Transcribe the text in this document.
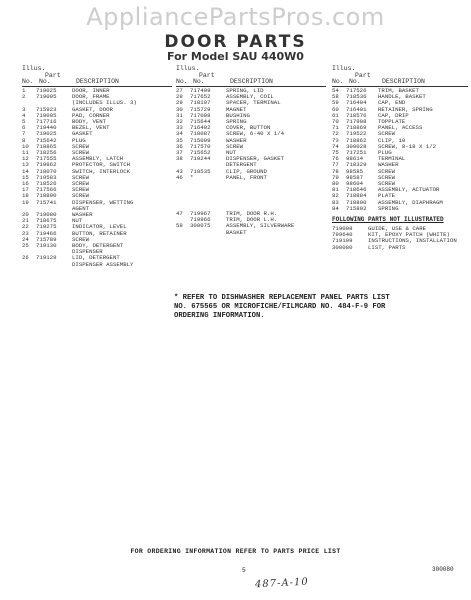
AppliancePartsPros.com
DOOR PARTS
For Model SAU 440W0
Illus.
No.
Part
No.	DESCRIPTION
1	719025	DOOR, INNER
2	719005	DOOR, FRAME
(INCLUDES ILLUS. 3)
3	715923	GASKET, DOOR
4	719005	PAD, CORNER
5	717716	BODY, VENT
6	719440	BEZEL, VENT
7	719025	GASKET
8	715642	PLUG
10	718865	SCREW
11	718256	SCREW
12	717555	ASSEMBLY, LATCH
13	719862	PROTECTOR, SWITCH
14	718070	SWITCH, INTERLOCK
15	719583	SCREW
16	718526	SCREW
17	717566	SCREW
18	718890	SCREW
19	715741	DISPENSER, WETTING
AGENT
20	719080	WASHER
21	718675	NUT
22	719275	INDICATOR, LEVEL
23	719466	BUTTON, RETAINER
24	715789	SCREW
25	719130	BODY, DETERGENT
DISPENSER
26	719129	LID, DETERGENT
DISPENSER ASSEMBLY
Illus.
No.
Part
No.	DESCRIPTION
27	717499	SPRING, LID
28	717652	ASSEMBLY, COIL
29	718197	SPACER, TERMINAL
30	715729	MAGNET
31	717008	BUSHING
32	715644	SPRING
33	716402	COVER, BUTTON
34	718087	SCREW, 6-40 X 1/4
35	715009	WASHER
36	717570	SCREW
37	715652	NUT
38	719244	DISPENSER, GASKET
DETERGENT
43	718535	CLIP, GROUND
46	*	PANEL, FRONT
47	719967	TRIM, DOOR R.H.
719966	TRIM, DOOR L.H.
58	300075	ASSEMBLY, SILVERWARE
BASKET
Illus.
No.
Part
No.	DESCRIPTION
54	717526	TRIM, BASKET
58	718536	HANDLE, BASKET
59	716404	CAP, END
60	716401	RETAINER, SPRING
61	718576	CAP, DRIP
70	717908	TOPPLATE
71	718869	PANEL, ACCESS
72	719522	SCREW
73	718862	CLIP, 10
74	300028	SCREW, 8-18 X 1/2
75	717251	PLUG
76	98614	TERMINAL
77	718329	WASHER
78	98585	SCREW
79	98587	SCREW
80	98604	SCREW
81	718646	ASSEMBLY, ACTUATOR
82	718884	PLATE
83	718890	ASSEMBLY, DIAPHRAGM
84	715892	SPRING
FOLLOWING PARTS NOT ILLUSTRATED
719008	GUIDE, USE & CARE
799640	KIT, EPOXY PATCH (WHITE)
719109	INSTRUCTIONS, INSTALLATION
300080	LIST, PARTS
* REFER TO DISHWASHER REPLACEMENT PANEL PARTS LIST NO. 675565 OR MICROFICHE/FILMCARD NO. 484-F-9 FOR ORDERING INFORMATION.
FOR ORDERING INFORMATION REFER TO PARTS PRICE LIST
5	300080
487-A-10
